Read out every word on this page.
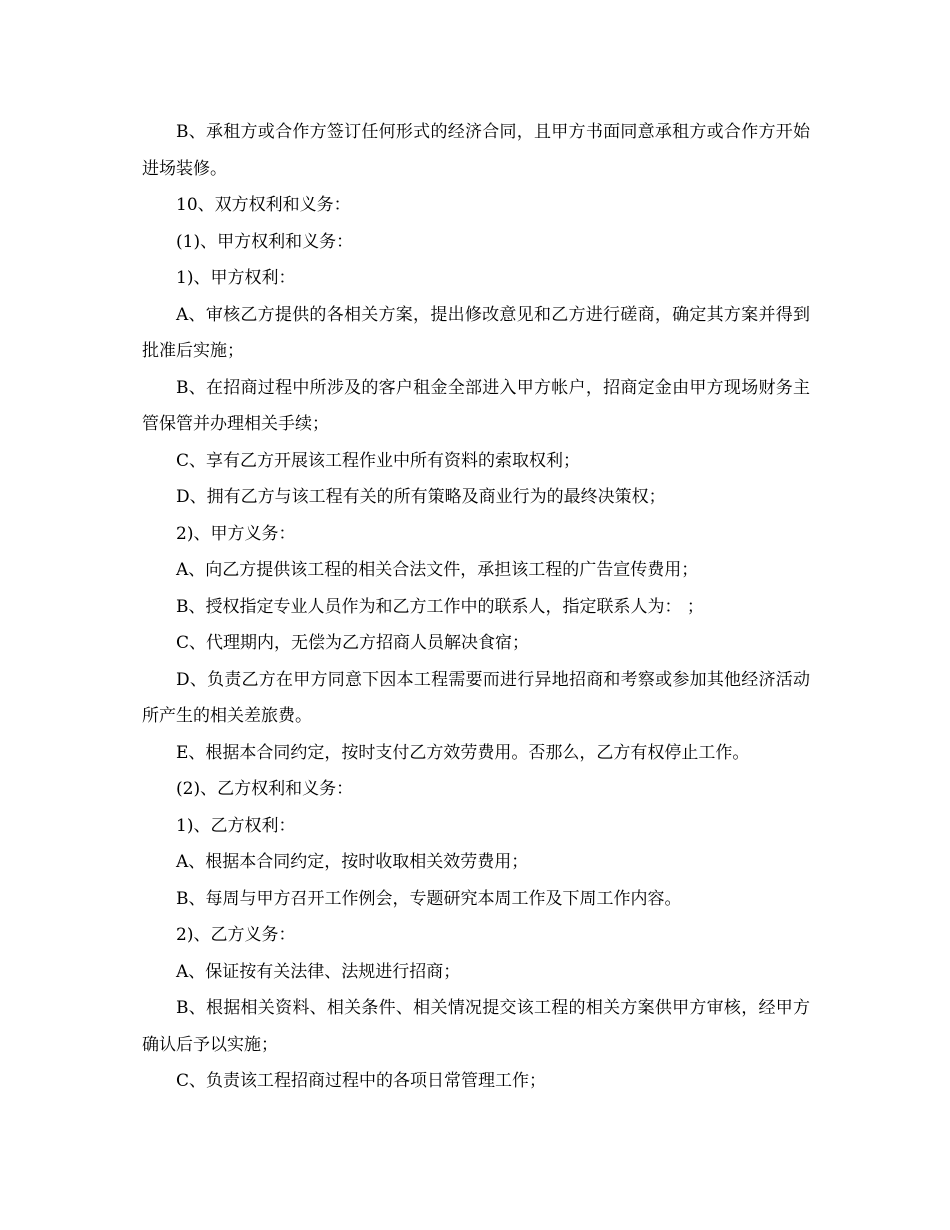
B、承租方或合作方签订任何形式的经济合同，且甲方书面同意承租方或合作方开始进场装修。

10、双方权利和义务：

(1)、甲方权利和义务：

1)、甲方权利：

A、审核乙方提供的各相关方案，提出修改意见和乙方进行磋商，确定其方案并得到批准后实施；

B、在招商过程中所涉及的客户租金全部进入甲方帐户，招商定金由甲方现场财务主管保管并办理相关手续；

C、享有乙方开展该工程作业中所有资料的索取权利；

D、拥有乙方与该工程有关的所有策略及商业行为的最终决策权；

2)、甲方义务：

A、向乙方提供该工程的相关合法文件，承担该工程的广告宣传费用；

B、授权指定专业人员作为和乙方工作中的联系人，指定联系人为： ；

C、代理期内，无偿为乙方招商人员解决食宿；

D、负责乙方在甲方同意下因本工程需要而进行异地招商和考察或参加其他经济活动所产生的相关差旅费。

E、根据本合同约定，按时支付乙方效劳费用。否那么，乙方有权停止工作。

(2)、乙方权利和义务：

1)、乙方权利：

A、根据本合同约定，按时收取相关效劳费用；

B、每周与甲方召开工作例会，专题研究本周工作及下周工作内容。

2)、乙方义务：

A、保证按有关法律、法规进行招商；

B、根据相关资料、相关条件、相关情况提交该工程的相关方案供甲方审核，经甲方确认后予以实施；

C、负责该工程招商过程中的各项日常管理工作；
